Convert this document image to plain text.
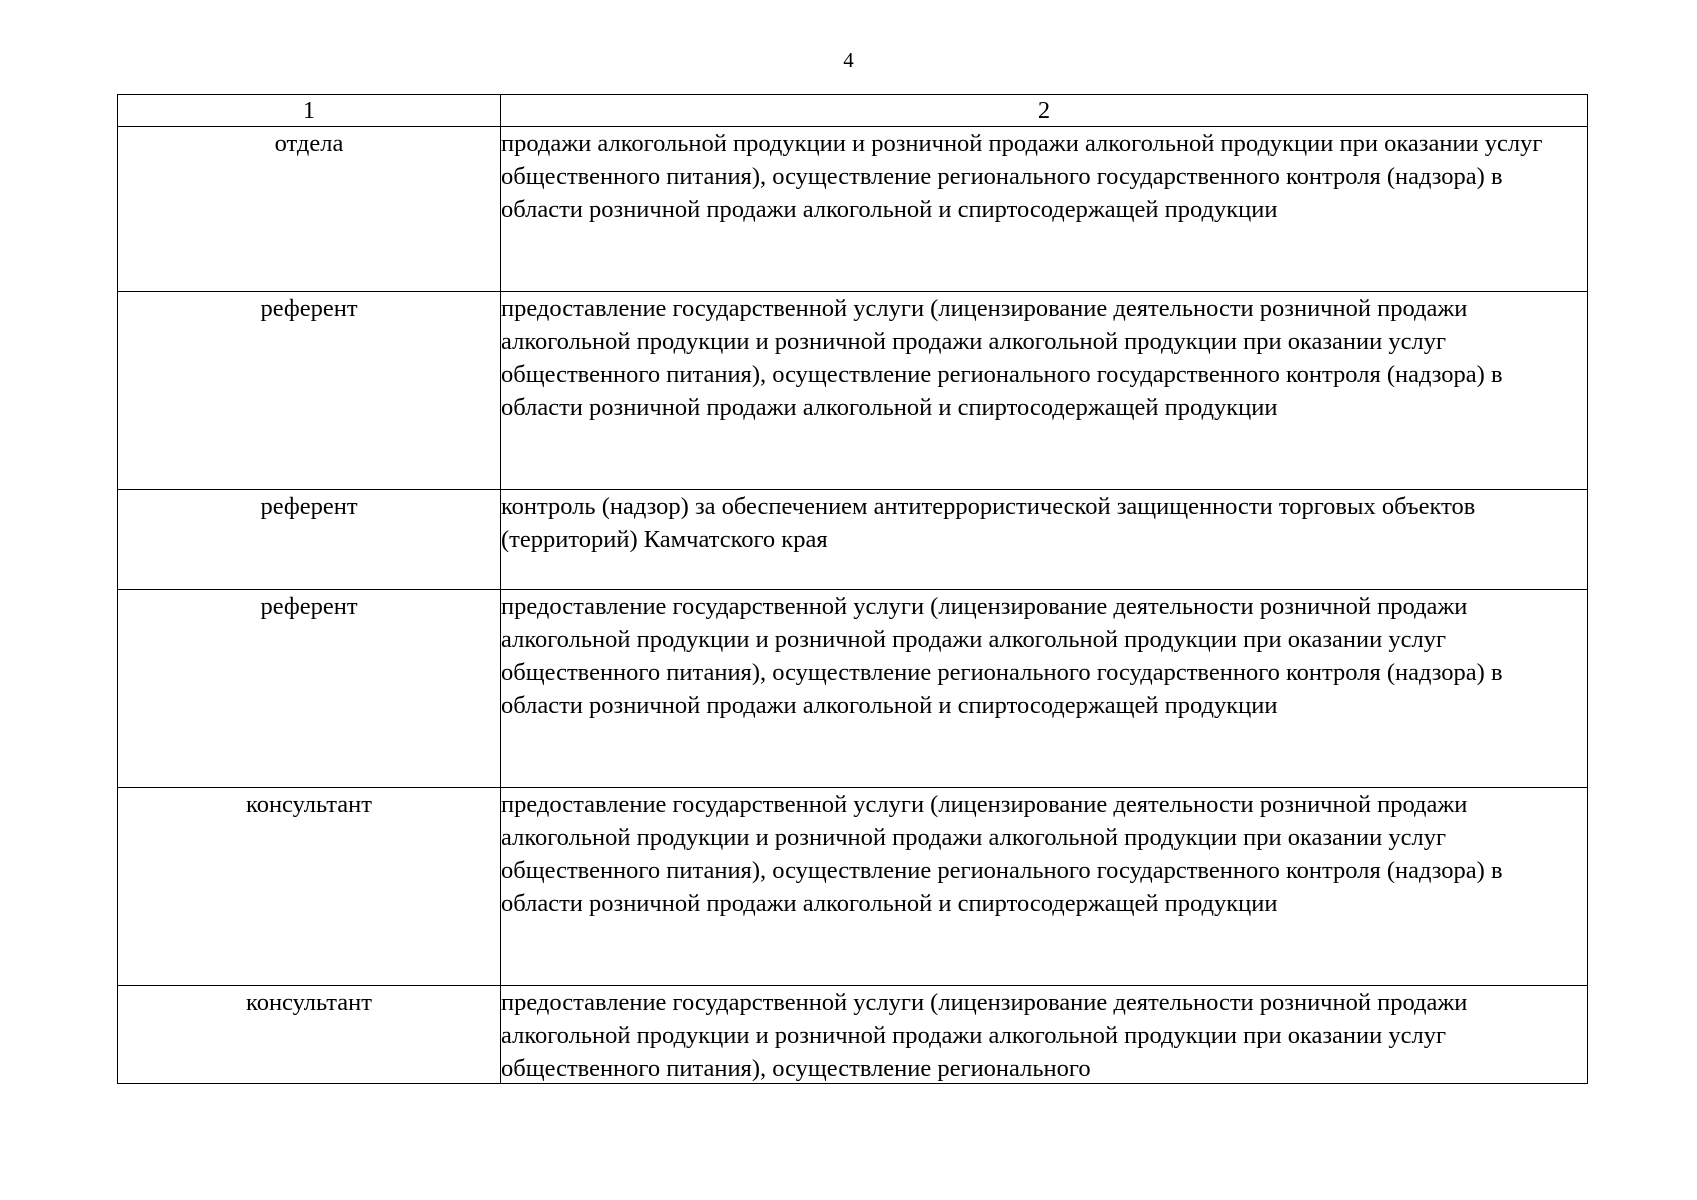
4
1	2
отдела	продажи алкогольной продукции и розничной продажи алкогольной продукции при оказании услуг общественного питания), осуществление регионального государственного контроля (надзора) в области розничной продажи алкогольной и спиртосодержащей продукции
референт	предоставление государственной услуги (лицензирование деятельности розничной продажи алкогольной продукции и розничной продажи алкогольной продукции при оказании услуг общественного питания), осуществление регионального государственного контроля (надзора) в области розничной продажи алкогольной и спиртосодержащей продукции
референт	контроль (надзор) за обеспечением антитеррористической защищенности торговых объектов (территорий) Камчатского края
референт	предоставление государственной услуги (лицензирование деятельности розничной продажи алкогольной продукции и розничной продажи алкогольной продукции при оказании услуг общественного питания), осуществление регионального государственного контроля (надзора) в области розничной продажи алкогольной и спиртосодержащей продукции
консультант	предоставление государственной услуги (лицензирование деятельности розничной продажи алкогольной продукции и розничной продажи алкогольной продукции при оказании услуг общественного питания), осуществление регионального государственного контроля (надзора) в области розничной продажи алкогольной и спиртосодержащей продукции
консультант	предоставление государственной услуги (лицензирование деятельности розничной продажи алкогольной продукции и розничной продажи алкогольной продукции при оказании услуг общественного питания), осуществление регионального
